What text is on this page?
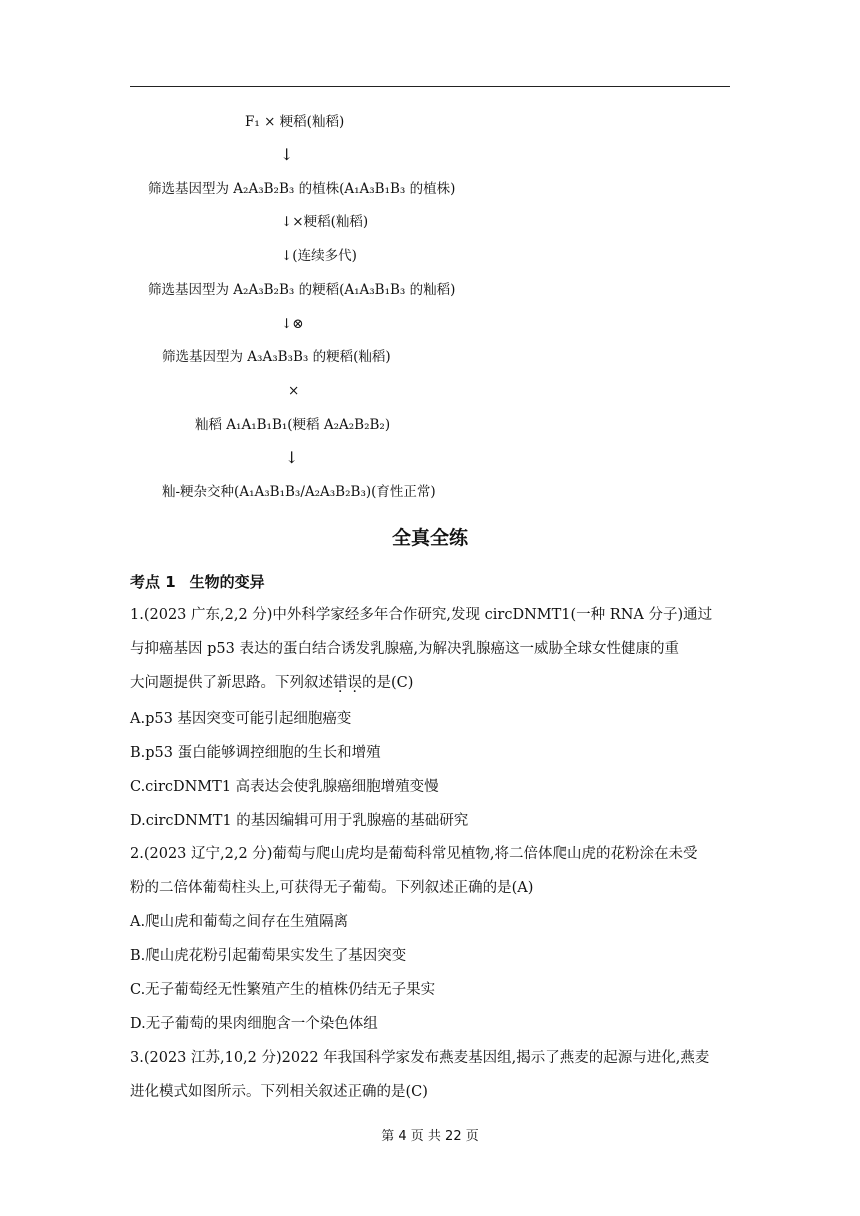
F₁ × 粳稻(籼稻)
↓
筛选基因型为 A₂A₃B₂B₃ 的植株(A₁A₃B₁B₃ 的植株)
↓×粳稻(籼稻)
↓(连续多代)
筛选基因型为 A₂A₃B₂B₃ 的粳稻(A₁A₃B₁B₃ 的籼稻)
↓⊗
筛选基因型为 A₃A₃B₃B₃ 的粳稻(籼稻)
×
籼稻 A₁A₁B₁B₁(粳稻 A₂A₂B₂B₂)
↓
籼-粳杂交种(A₁A₃B₁B₃/A₂A₃B₂B₃)(育性正常)
全真全练
考点 1 生物的变异
1.(2023 广东,2,2 分)中外科学家经多年合作研究,发现 circDNMT1(一种 RNA 分子)通过
与抑癌基因 p53 表达的蛋白结合诱发乳腺癌,为解决乳腺癌这一威胁全球女性健康的重
大问题提供了新思路。下列叙述错误的是(C)
A.p53 基因突变可能引起细胞癌变
B.p53 蛋白能够调控细胞的生长和增殖
C.circDNMT1 高表达会使乳腺癌细胞增殖变慢
D.circDNMT1 的基因编辑可用于乳腺癌的基础研究
2.(2023 辽宁,2,2 分)葡萄与爬山虎均是葡萄科常见植物,将二倍体爬山虎的花粉涂在未受
粉的二倍体葡萄柱头上,可获得无子葡萄。下列叙述正确的是(A)
A.爬山虎和葡萄之间存在生殖隔离
B.爬山虎花粉引起葡萄果实发生了基因突变
C.无子葡萄经无性繁殖产生的植株仍结无子果实
D.无子葡萄的果肉细胞含一个染色体组
3.(2023 江苏,10,2 分)2022 年我国科学家发布燕麦基因组,揭示了燕麦的起源与进化,燕麦
进化模式如图所示。下列相关叙述正确的是(C)
第 4 页 共 22 页
